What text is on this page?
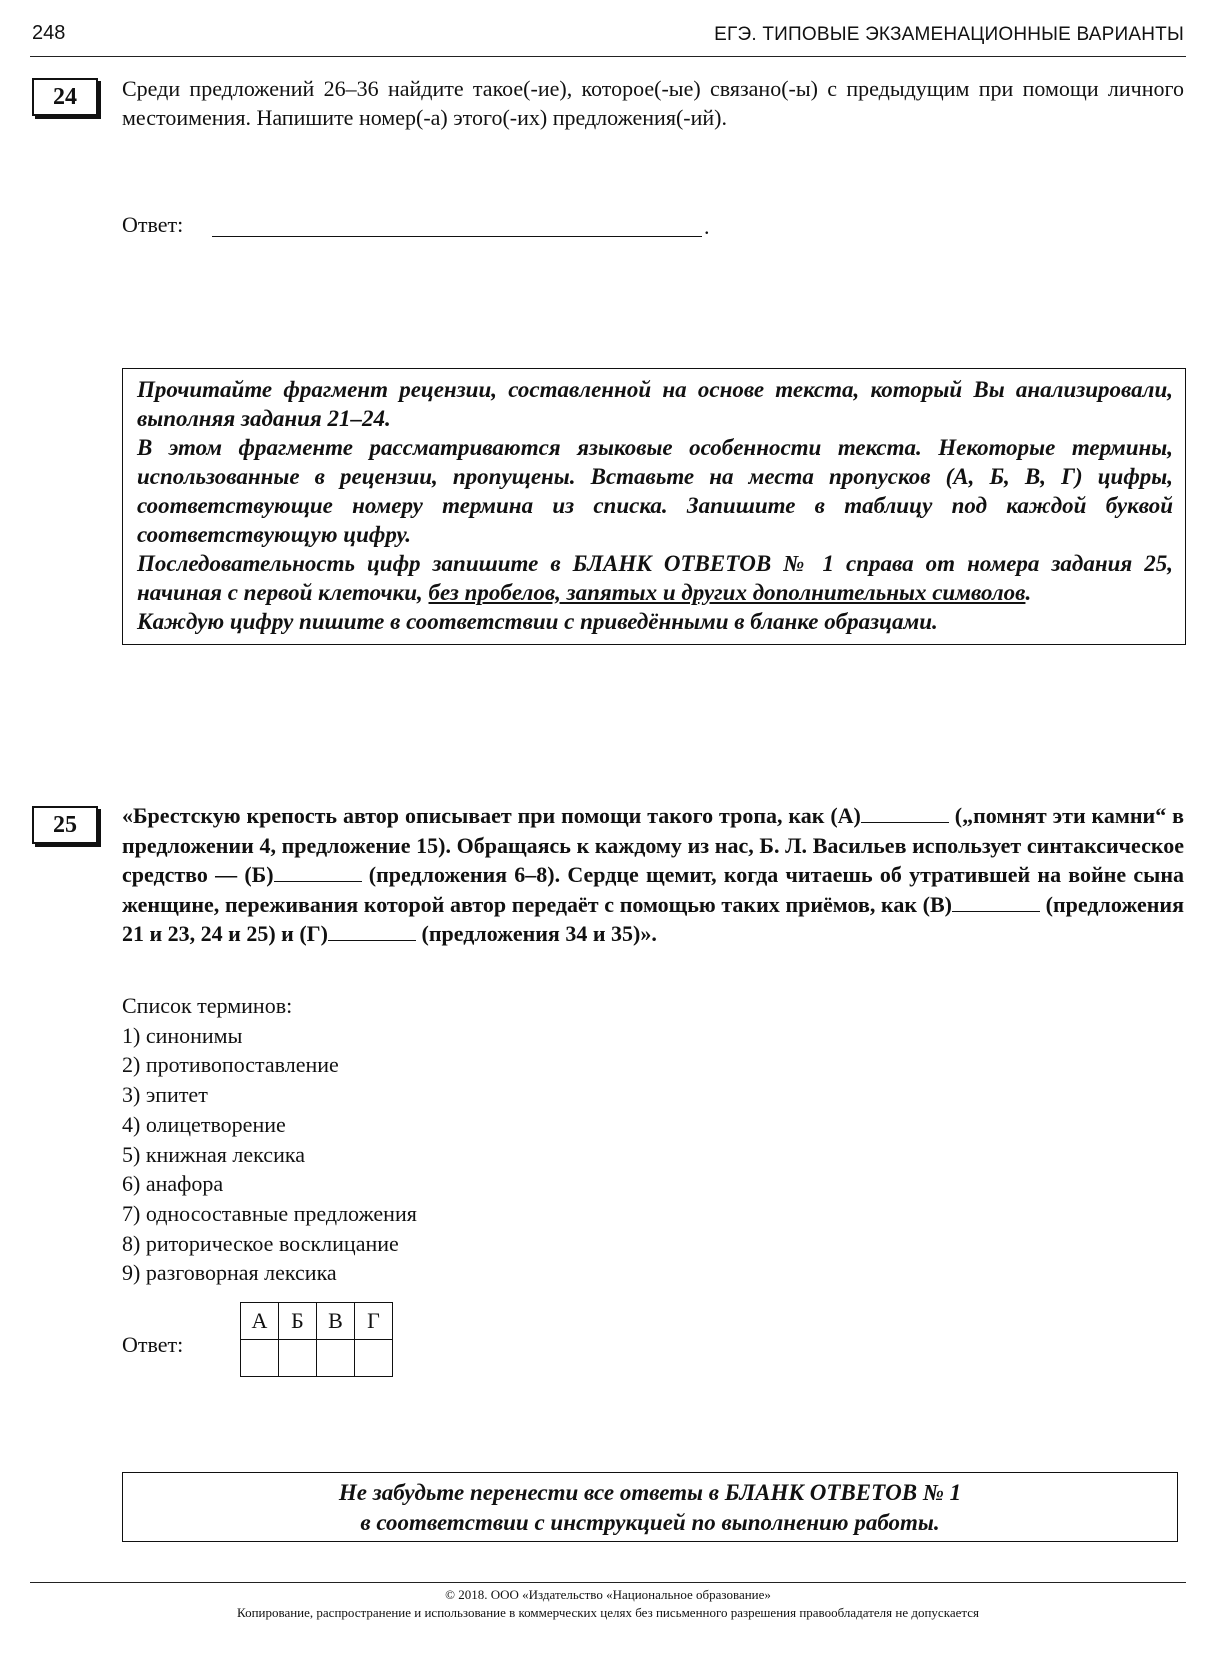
248	ЕГЭ. ТИПОВЫЕ ЭКЗАМЕНАЦИОННЫЕ ВАРИАНТЫ
24	Среди предложений 26–36 найдите такое(-ие), которое(-ые) связано(-ы) с предыдущим при помощи личного местоимения. Напишите номер(-а) этого(-их) предложения(-ий).
Ответ:	.

Прочитайте фрагмент рецензии, составленной на основе текста, который Вы анализировали, выполняя задания 21–24.

В этом фрагменте рассматриваются языковые особенности текста. Некоторые термины, использованные в рецензии, пропущены. Вставьте на места пропусков (А, Б, В, Г) цифры, соответствующие номеру термина из списка. Запишите в таблицу под каждой буквой соответствующую цифру.

Последовательность цифр запишите в БЛАНК ОТВЕТОВ № 1 справа от номера задания 25, начиная с первой клеточки, без пробелов, запятых и других дополнительных символов.

Каждую цифру пишите в соответствии с приведёнными в бланке образцами.

25	«Брестскую крепость автор описывает при помощи такого тропа, как (А)	(„помнят эти камни“ в предложении 4, предложение 15). Обращаясь к каждому из нас, Б. Л. Васильев использует синтаксическое средство — (Б)	(предложения 6–8). Сердце щемит, когда читаешь об утратившей на войне сына женщине, переживания которой автор передаёт с помощью таких приёмов, как (В)	(предложения 21 и 23, 24 и 25) и (Г)	(предложения 34 и 35)».

Список терминов:

1) синонимы
2) противопоставление
3) эпитет
4) олицетворение
5) книжная лексика
6) анафора
7) односоставные предложения
8) риторическое восклицание
9) разговорная лексика
Ответ:
А	Б	В	Г

Не забудьте перенести все ответы в БЛАНК ОТВЕТОВ № 1
в соответствии с инструкцией по выполнению работы.
© 2018. ООО «Издательство «Национальное образование»
Копирование, распространение и использование в коммерческих целях без письменного разрешения правообладателя не допускается
